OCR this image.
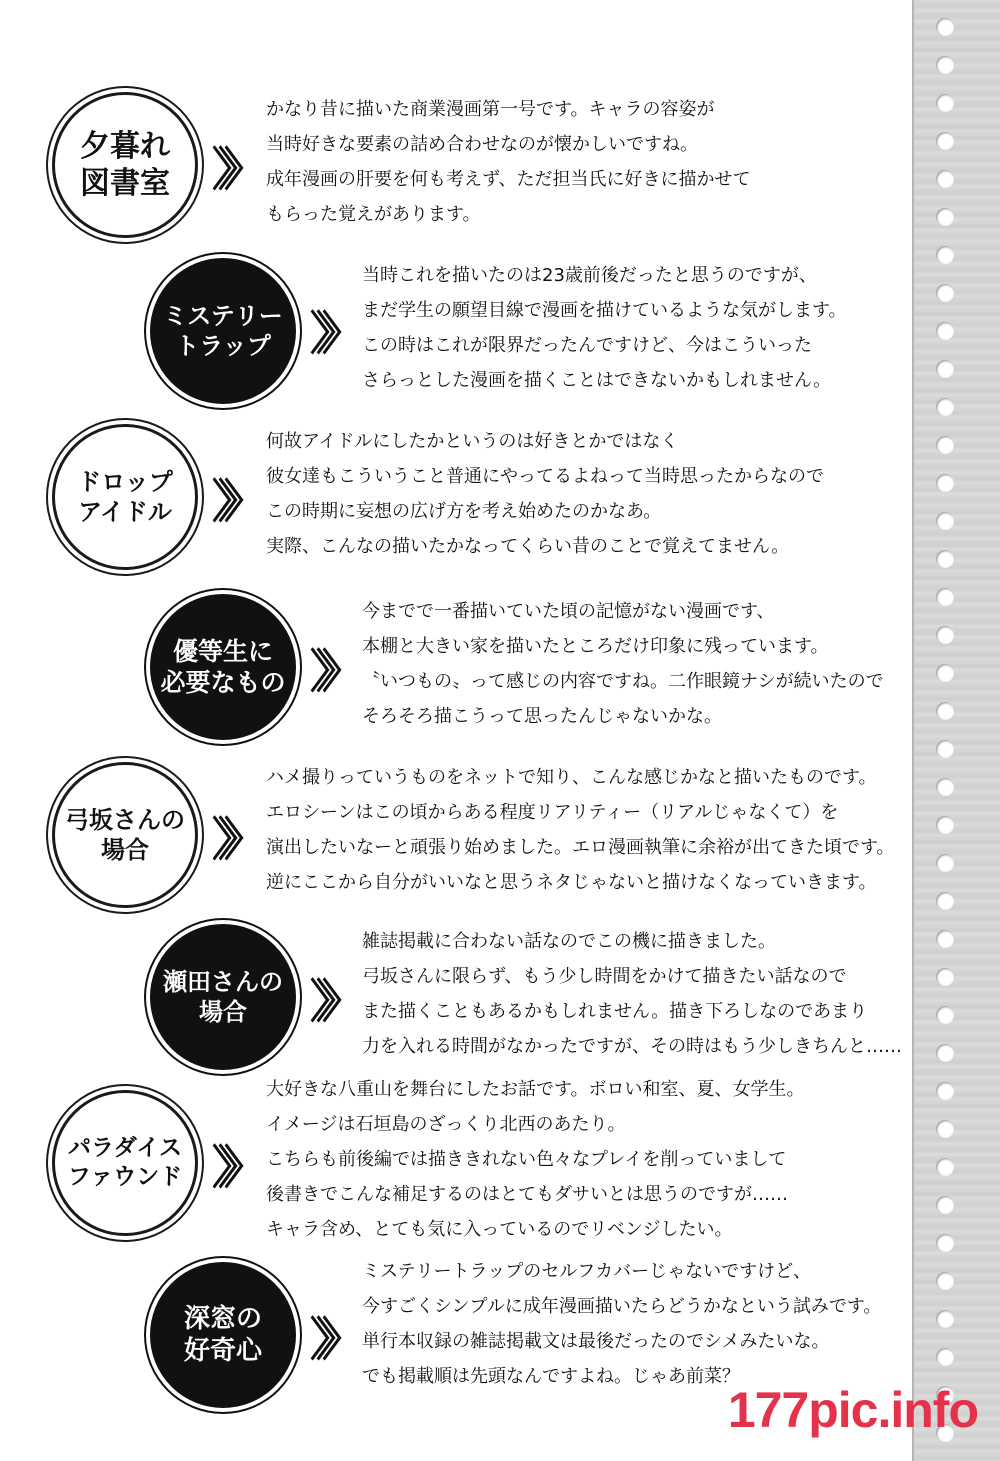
夕暮れ
図書室 〉〉〉
かなり昔に描いた商業漫画第一号です。キャラの容姿が
当時好きな要素の詰め合わせなのが懐かしいですね。
成年漫画の肝要を何も考えず、ただ担当氏に好きに描かせて
もらった覚えがあります。
ミステリー
トラップ 〉〉〉
当時これを描いたのは23歳前後だったと思うのですが、
まだ学生の願望目線で漫画を描けているような気がします。
この時はこれが限界だったんですけど、今はこういった
さらっとした漫画を描くことはできないかもしれません。
ドロップ
アイドル 〉〉〉
何故アイドルにしたかというのは好きとかではなく
彼女達もこういうこと普通にやってるよねって当時思ったからなので
この時期に妄想の広げ方を考え始めたのかなあ。
実際、こんなの描いたかなってくらい昔のことで覚えてません。
優等生に
必要なもの 〉〉〉
今までで一番描いていた頃の記憶がない漫画です、
本棚と大きい家を描いたところだけ印象に残っています。
〝いつもの〟って感じの内容ですね。二作眼鏡ナシが続いたので
そろそろ描こうって思ったんじゃないかな。
弓坂さんの
場合 〉〉〉
ハメ撮りっていうものをネットで知り、こんな感じかなと描いたものです。
エロシーンはこの頃からある程度リアリティー（リアルじゃなくて）を
演出したいなーと頑張り始めました。エロ漫画執筆に余裕が出てきた頃です。
逆にここから自分がいいなと思うネタじゃないと描けなくなっていきます。
瀬田さんの
場合 〉〉〉
雑誌掲載に合わない話なのでこの機に描きました。
弓坂さんに限らず、もう少し時間をかけて描きたい話なので
また描くこともあるかもしれません。描き下ろしなのであまり
力を入れる時間がなかったですが、その時はもう少しきちんと……
パラダイス
ファウンド 〉〉〉
大好きな八重山を舞台にしたお話です。ボロい和室、夏、女学生。
イメージは石垣島のざっくり北西のあたり。
こちらも前後編では描ききれない色々なプレイを削っていまして
後書きでこんな補足するのはとてもダサいとは思うのですが……
キャラ含め、とても気に入っているのでリベンジしたい。
深窓の
好奇心 〉〉〉
ミステリートラップのセルフカバーじゃないですけど、
今すごくシンプルに成年漫画描いたらどうかなという試みです。
単行本収録の雑誌掲載文は最後だったのでシメみたいな。
でも掲載順は先頭なんですよね。じゃあ前菜？
177pic.info
